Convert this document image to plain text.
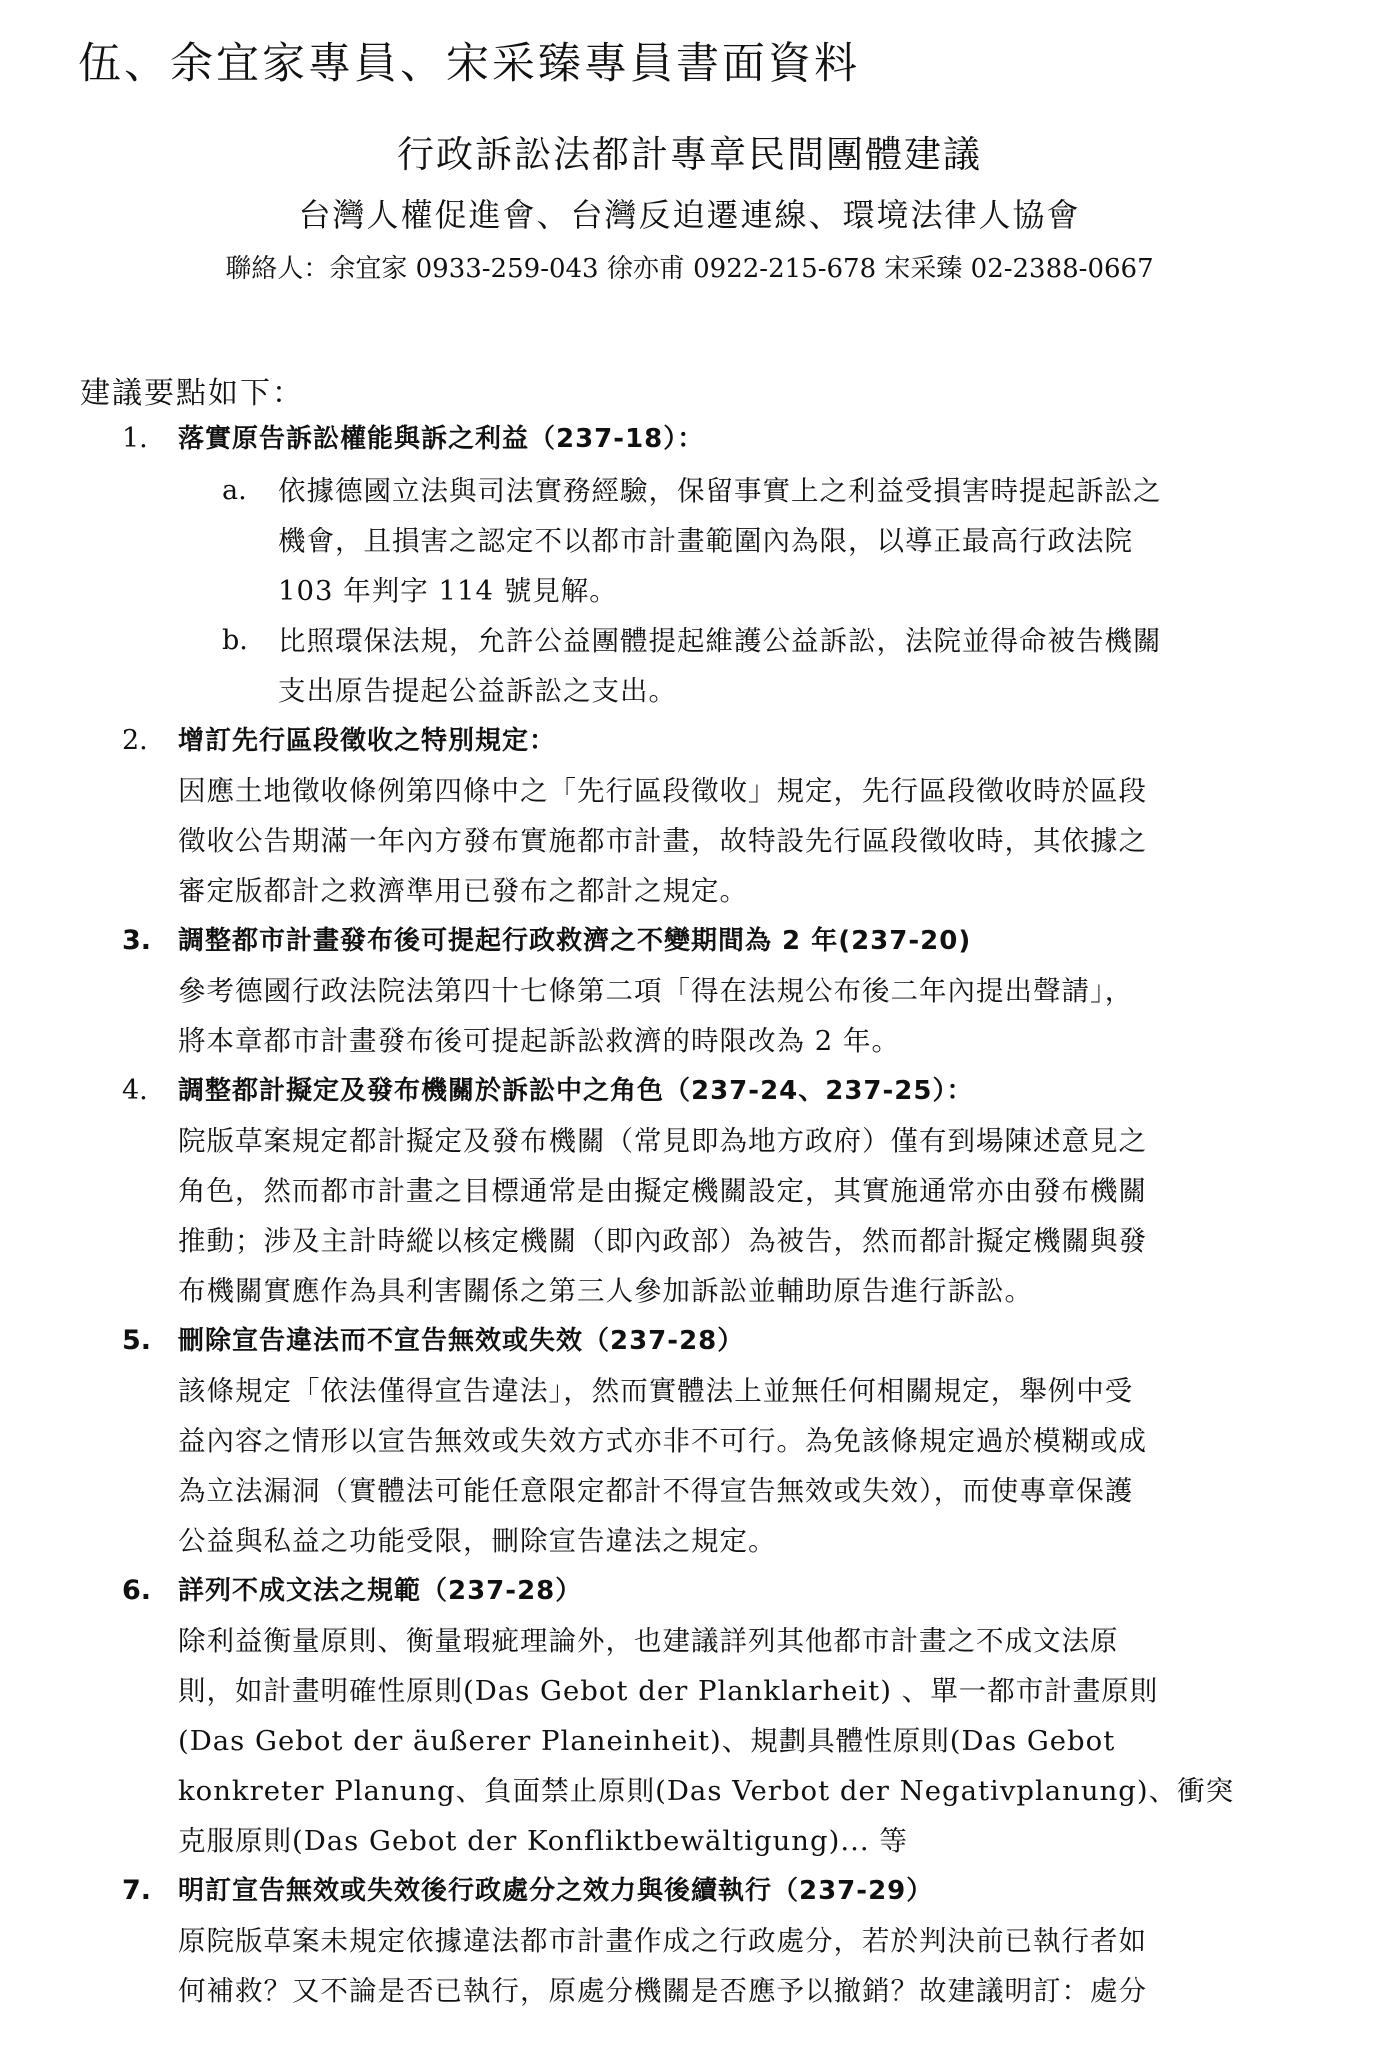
伍、余宜家專員、宋采臻專員書面資料
行政訴訟法都計專章民間團體建議
台灣人權促進會、台灣反迫遷連線、環境法律人協會
聯絡人：余宜家 0933-259-043 徐亦甫 0922-215-678 宋采臻 02-2388-0667
建議要點如下：
1. 落實原告訴訟權能與訴之利益（237-18）：
a. 依據德國立法與司法實務經驗，保留事實上之利益受損害時提起訴訟之
機會，且損害之認定不以都市計畫範圍內為限，以導正最高行政法院
103 年判字 114 號見解。
b. 比照環保法規，允許公益團體提起維護公益訴訟，法院並得命被告機關
支出原告提起公益訴訟之支出。
2. 增訂先行區段徵收之特別規定：
因應土地徵收條例第四條中之「先行區段徵收」規定，先行區段徵收時於區段
徵收公告期滿一年內方發布實施都市計畫，故特設先行區段徵收時，其依據之
審定版都計之救濟準用已發布之都計之規定。
3. 調整都市計畫發布後可提起行政救濟之不變期間為 2 年(237-20)
參考德國行政法院法第四十七條第二項「得在法規公布後二年內提出聲請」，
將本章都市計畫發布後可提起訴訟救濟的時限改為 2 年。
4. 調整都計擬定及發布機關於訴訟中之角色（237-24、237-25）：
院版草案規定都計擬定及發布機關（常見即為地方政府）僅有到場陳述意見之
角色，然而都市計畫之目標通常是由擬定機關設定，其實施通常亦由發布機關
推動；涉及主計時縱以核定機關（即內政部）為被告，然而都計擬定機關與發
布機關實應作為具利害關係之第三人參加訴訟並輔助原告進行訴訟。
5. 刪除宣告違法而不宣告無效或失效（237-28）
該條規定「依法僅得宣告違法」，然而實體法上並無任何相關規定，舉例中受
益內容之情形以宣告無效或失效方式亦非不可行。為免該條規定過於模糊或成
為立法漏洞（實體法可能任意限定都計不得宣告無效或失效），而使專章保護
公益與私益之功能受限，刪除宣告違法之規定。
6. 詳列不成文法之規範（237-28）
除利益衡量原則、衡量瑕疵理論外，也建議詳列其他都市計畫之不成文法原
則，如計畫明確性原則(Das Gebot der Planklarheit) 、單一都市計畫原則
(Das Gebot der äußerer Planeinheit)、規劃具體性原則(Das Gebot
konkreter Planung、負面禁止原則(Das Verbot der Negativplanung)、衝突
克服原則(Das Gebot der Konfliktbewältigung)... 等
7. 明訂宣告無效或失效後行政處分之效力與後續執行（237-29）
原院版草案未規定依據違法都市計畫作成之行政處分，若於判決前已執行者如
何補救？又不論是否已執行，原處分機關是否應予以撤銷？故建議明訂：處分
